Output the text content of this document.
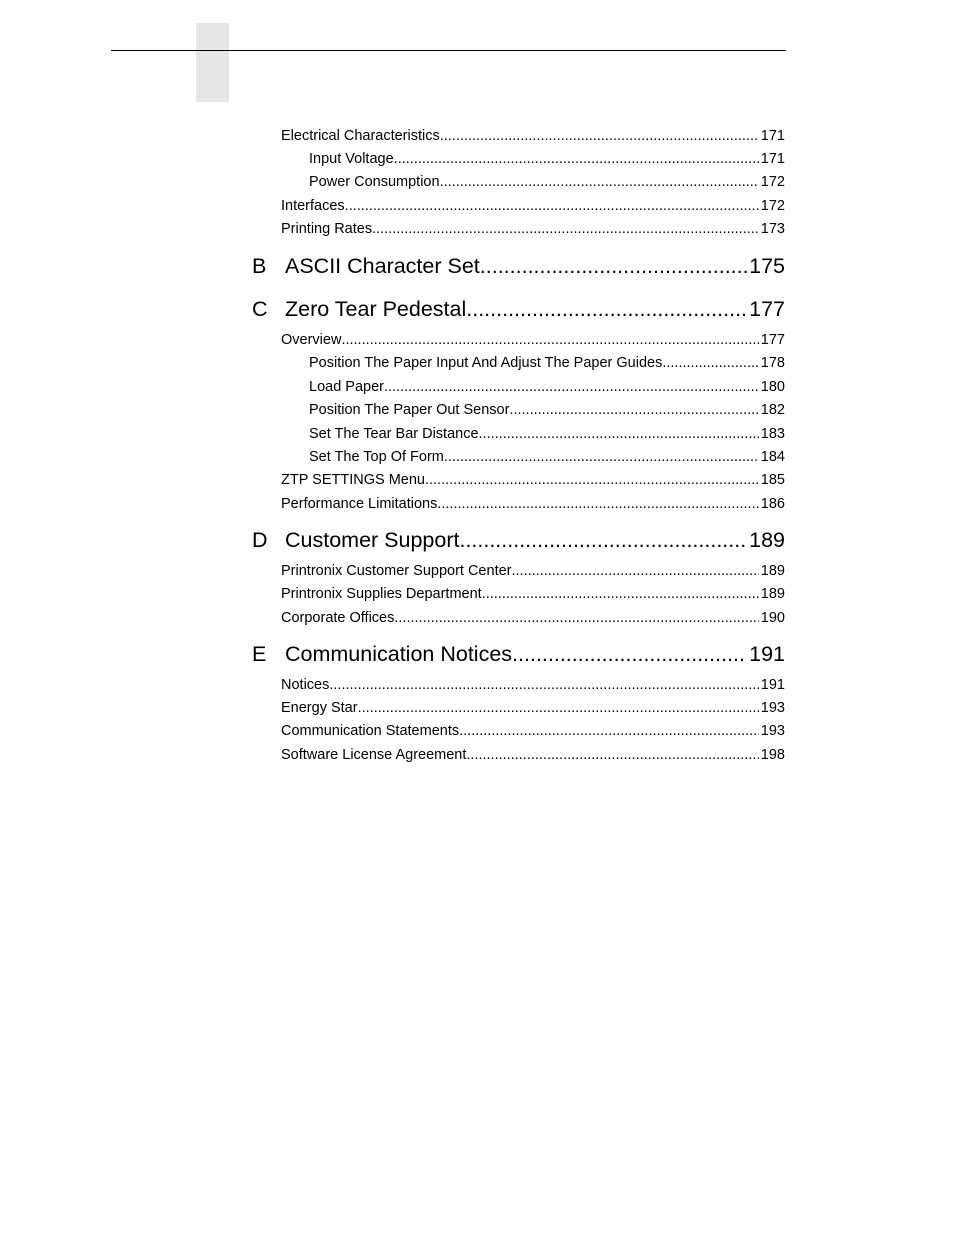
Electrical Characteristics .....	171
Input Voltage .....	171
Power Consumption .....	172
Interfaces .....	172
Printing Rates .....	173
B ASCII Character Set .....	175
C Zero Tear Pedestal .....	177
Overview .....	177
Position The Paper Input And Adjust The Paper Guides .....	178
Load Paper .....	180
Position The Paper Out Sensor .....	182
Set The Tear Bar Distance .....	183
Set The Top Of Form .....	184
ZTP SETTINGS Menu .....	185
Performance Limitations .....	186
D Customer Support .....	189
Printronix Customer Support Center .....	189
Printronix Supplies Department .....	189
Corporate Offices .....	190
E Communication Notices .....	191
Notices .....	191
Energy Star .....	193
Communication Statements .....	193
Software License Agreement .....	198
